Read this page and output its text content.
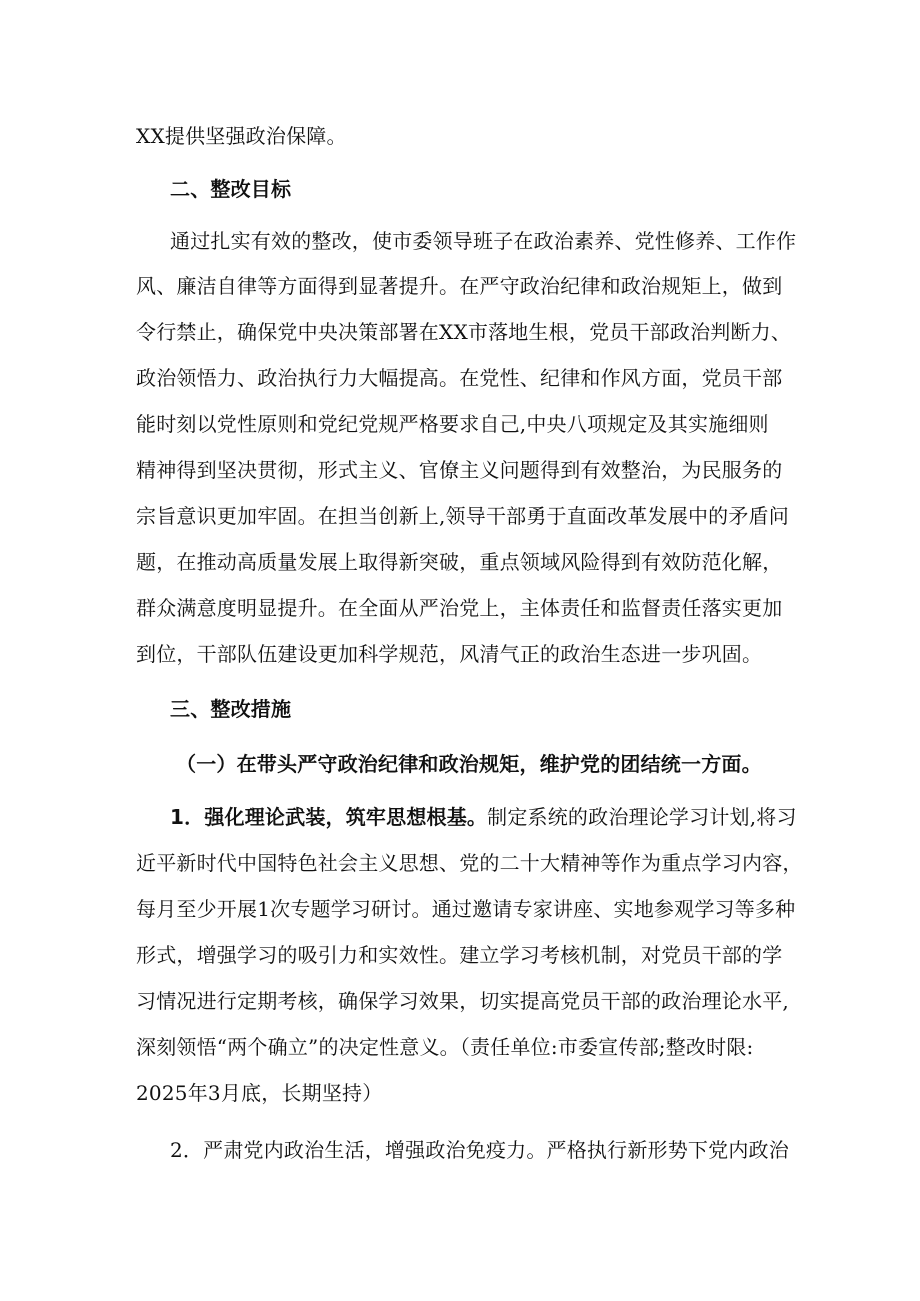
XX提供坚强政治保障。
二、整改目标
通过扎实有效的整改，使市委领导班子在政治素养、党性修养、工作作
风、廉洁自律等方面得到显著提升。在严守政治纪律和政治规矩上，做到
令行禁止，确保党中央决策部署在XX市落地生根，党员干部政治判断力、
政治领悟力、政治执行力大幅提高。在党性、纪律和作风方面，党员干部
能时刻以党性原则和党纪党规严格要求自己,中央八项规定及其实施细则
精神得到坚决贯彻，形式主义、官僚主义问题得到有效整治，为民服务的
宗旨意识更加牢固。在担当创新上,领导干部勇于直面改革发展中的矛盾问
题，在推动高质量发展上取得新突破，重点领域风险得到有效防范化解，
群众满意度明显提升。在全面从严治党上，主体责任和监督责任落实更加
到位，干部队伍建设更加科学规范，风清气正的政治生态进一步巩固。
三、整改措施
（一）在带头严守政治纪律和政治规矩，维护党的团结统一方面。
1．强化理论武装，筑牢思想根基。制定系统的政治理论学习计划,将习
近平新时代中国特色社会主义思想、党的二十大精神等作为重点学习内容，
每月至少开展1次专题学习研讨。通过邀请专家讲座、实地参观学习等多种
形式，增强学习的吸引力和实效性。建立学习考核机制，对党员干部的学
习情况进行定期考核，确保学习效果，切实提高党员干部的政治理论水平,
深刻领悟“两个确立”的决定性意义。（责任单位:市委宣传部;整改时限:
2025年3月底，长期坚持）
2．严肃党内政治生活，增强政治免疫力。严格执行新形势下党内政治
